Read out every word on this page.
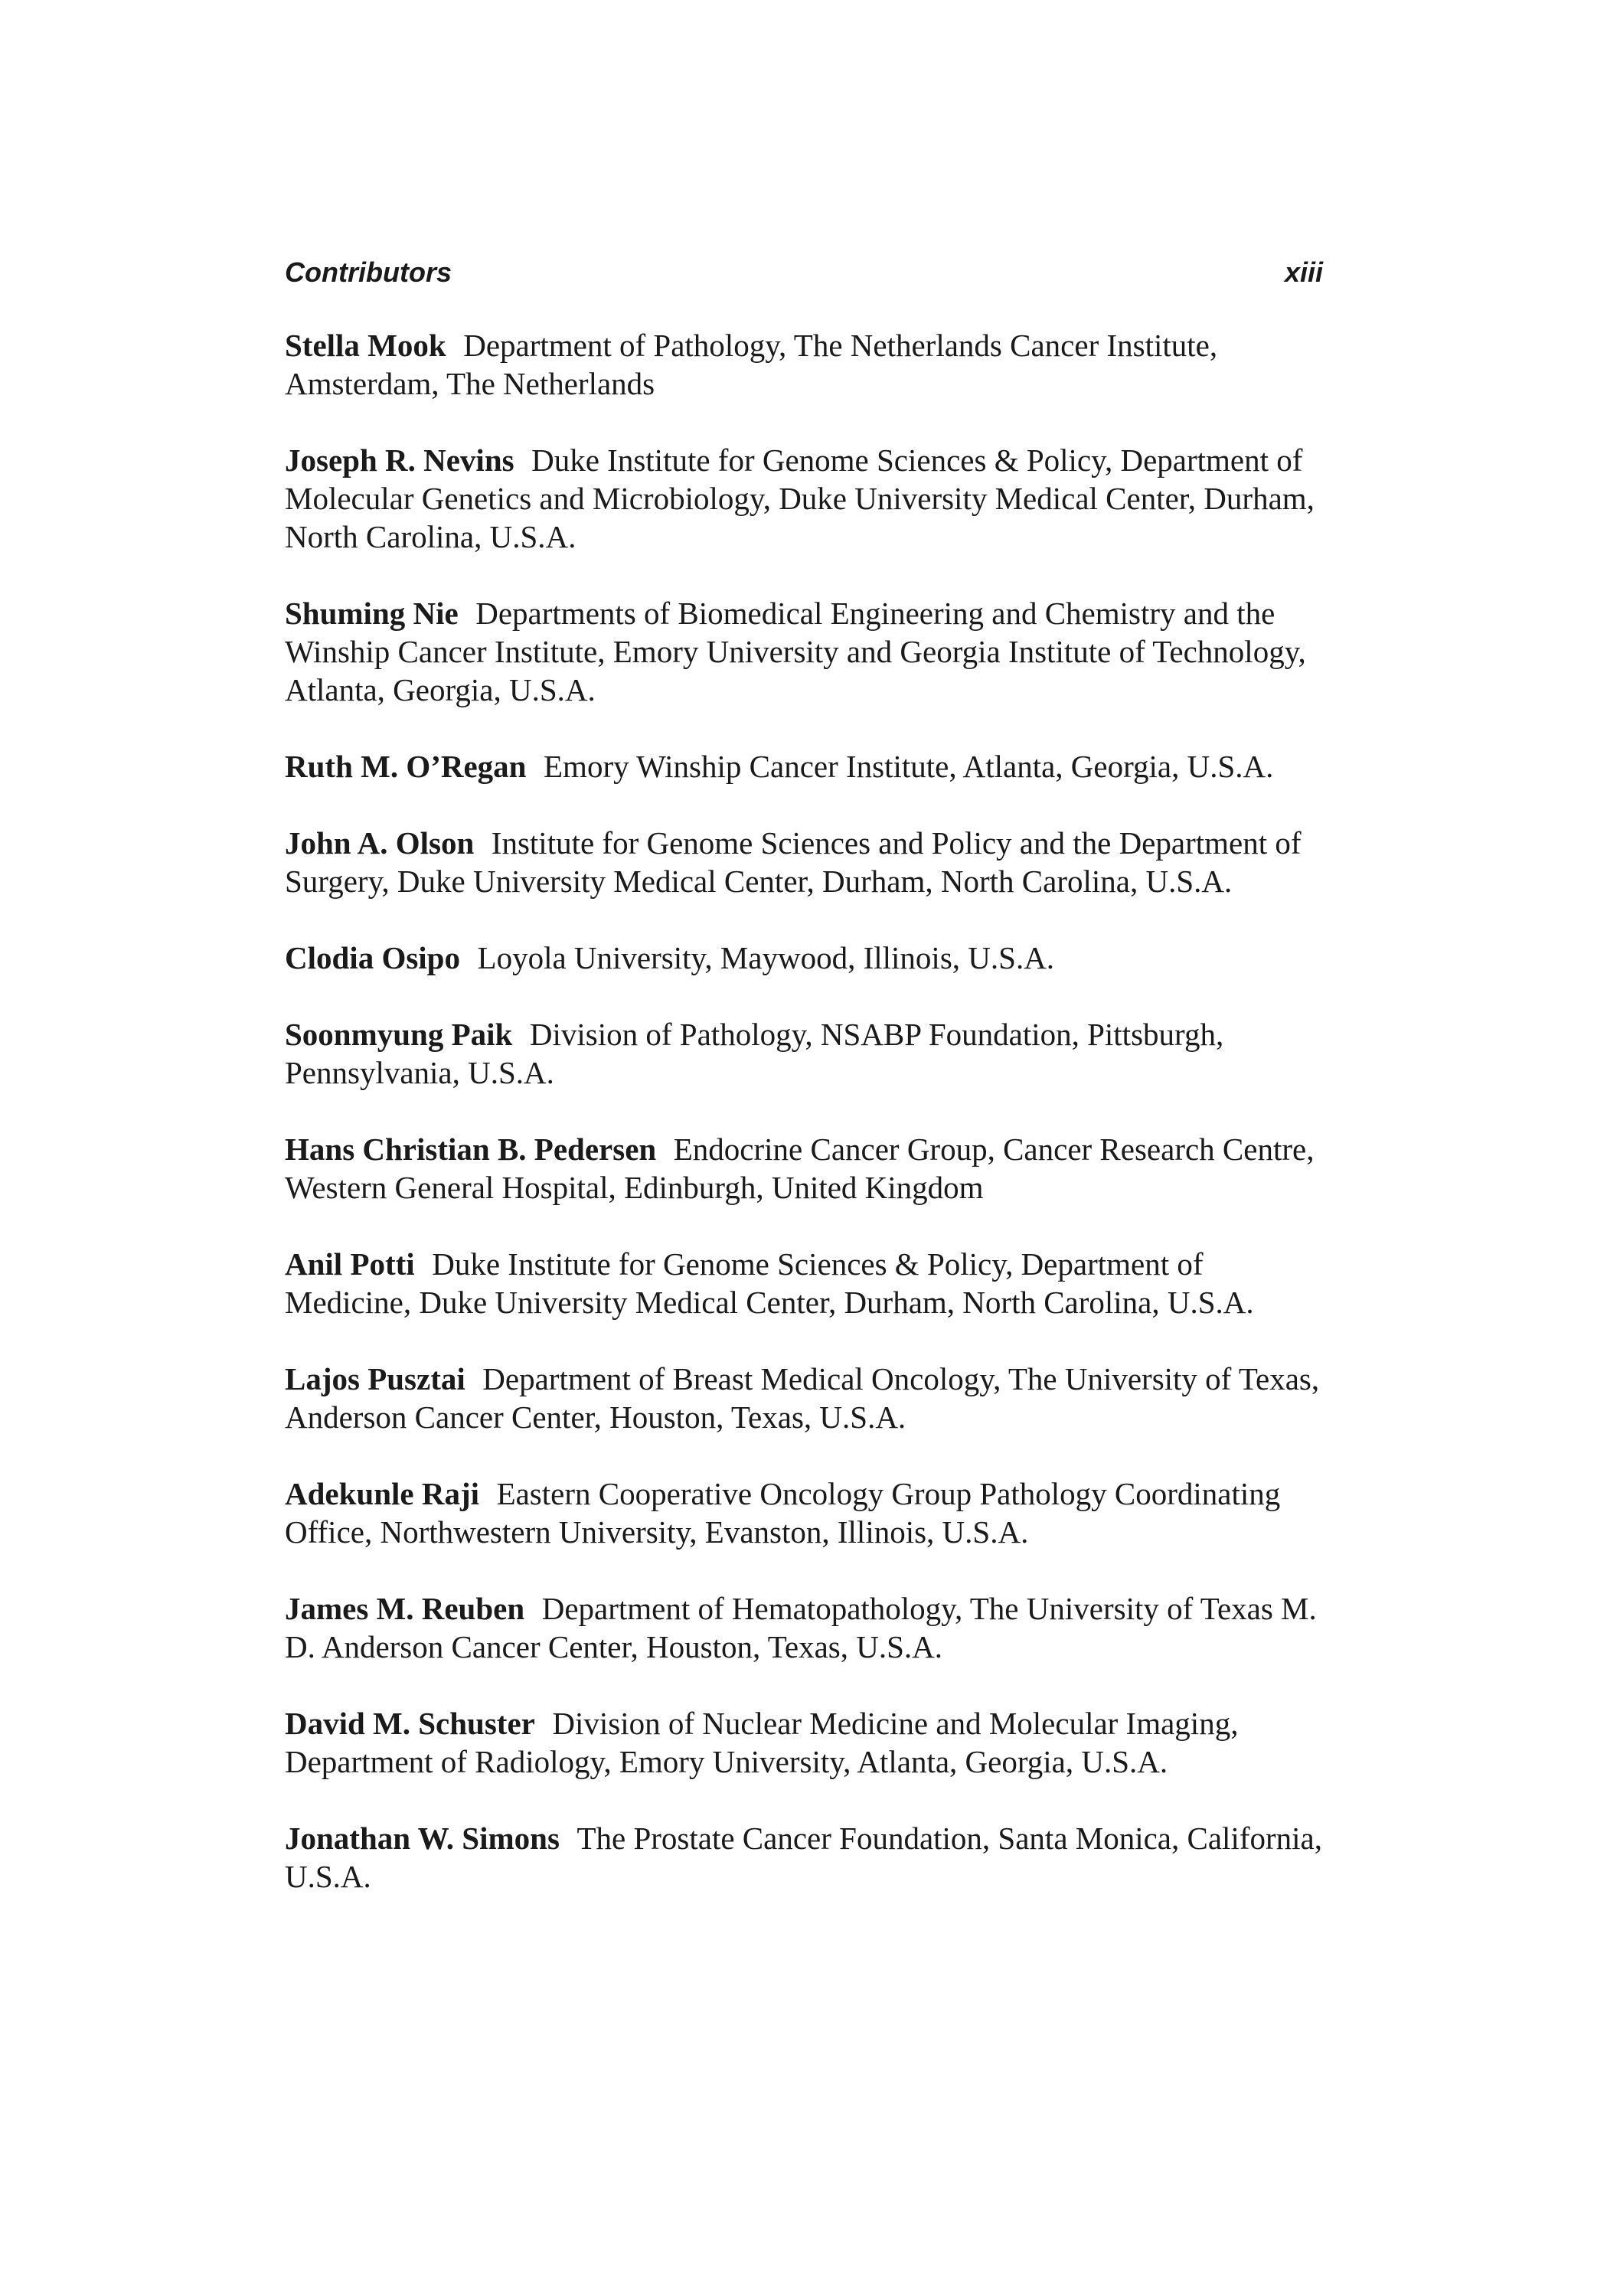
Contributors	xiii
Stella Mook Department of Pathology, The Netherlands Cancer Institute, Amsterdam, The Netherlands
Joseph R. Nevins Duke Institute for Genome Sciences & Policy, Department of Molecular Genetics and Microbiology, Duke University Medical Center, Durham, North Carolina, U.S.A.
Shuming Nie Departments of Biomedical Engineering and Chemistry and the Winship Cancer Institute, Emory University and Georgia Institute of Technology, Atlanta, Georgia, U.S.A.
Ruth M. O’Regan Emory Winship Cancer Institute, Atlanta, Georgia, U.S.A.
John A. Olson Institute for Genome Sciences and Policy and the Department of Surgery, Duke University Medical Center, Durham, North Carolina, U.S.A.
Clodia Osipo Loyola University, Maywood, Illinois, U.S.A.
Soonmyung Paik Division of Pathology, NSABP Foundation, Pittsburgh, Pennsylvania, U.S.A.
Hans Christian B. Pedersen Endocrine Cancer Group, Cancer Research Centre, Western General Hospital, Edinburgh, United Kingdom
Anil Potti Duke Institute for Genome Sciences & Policy, Department of Medicine, Duke University Medical Center, Durham, North Carolina, U.S.A.
Lajos Pusztai Department of Breast Medical Oncology, The University of Texas, Anderson Cancer Center, Houston, Texas, U.S.A.
Adekunle Raji Eastern Cooperative Oncology Group Pathology Coordinating Office, Northwestern University, Evanston, Illinois, U.S.A.
James M. Reuben Department of Hematopathology, The University of Texas M. D. Anderson Cancer Center, Houston, Texas, U.S.A.
David M. Schuster Division of Nuclear Medicine and Molecular Imaging, Department of Radiology, Emory University, Atlanta, Georgia, U.S.A.
Jonathan W. Simons The Prostate Cancer Foundation, Santa Monica, California, U.S.A.
